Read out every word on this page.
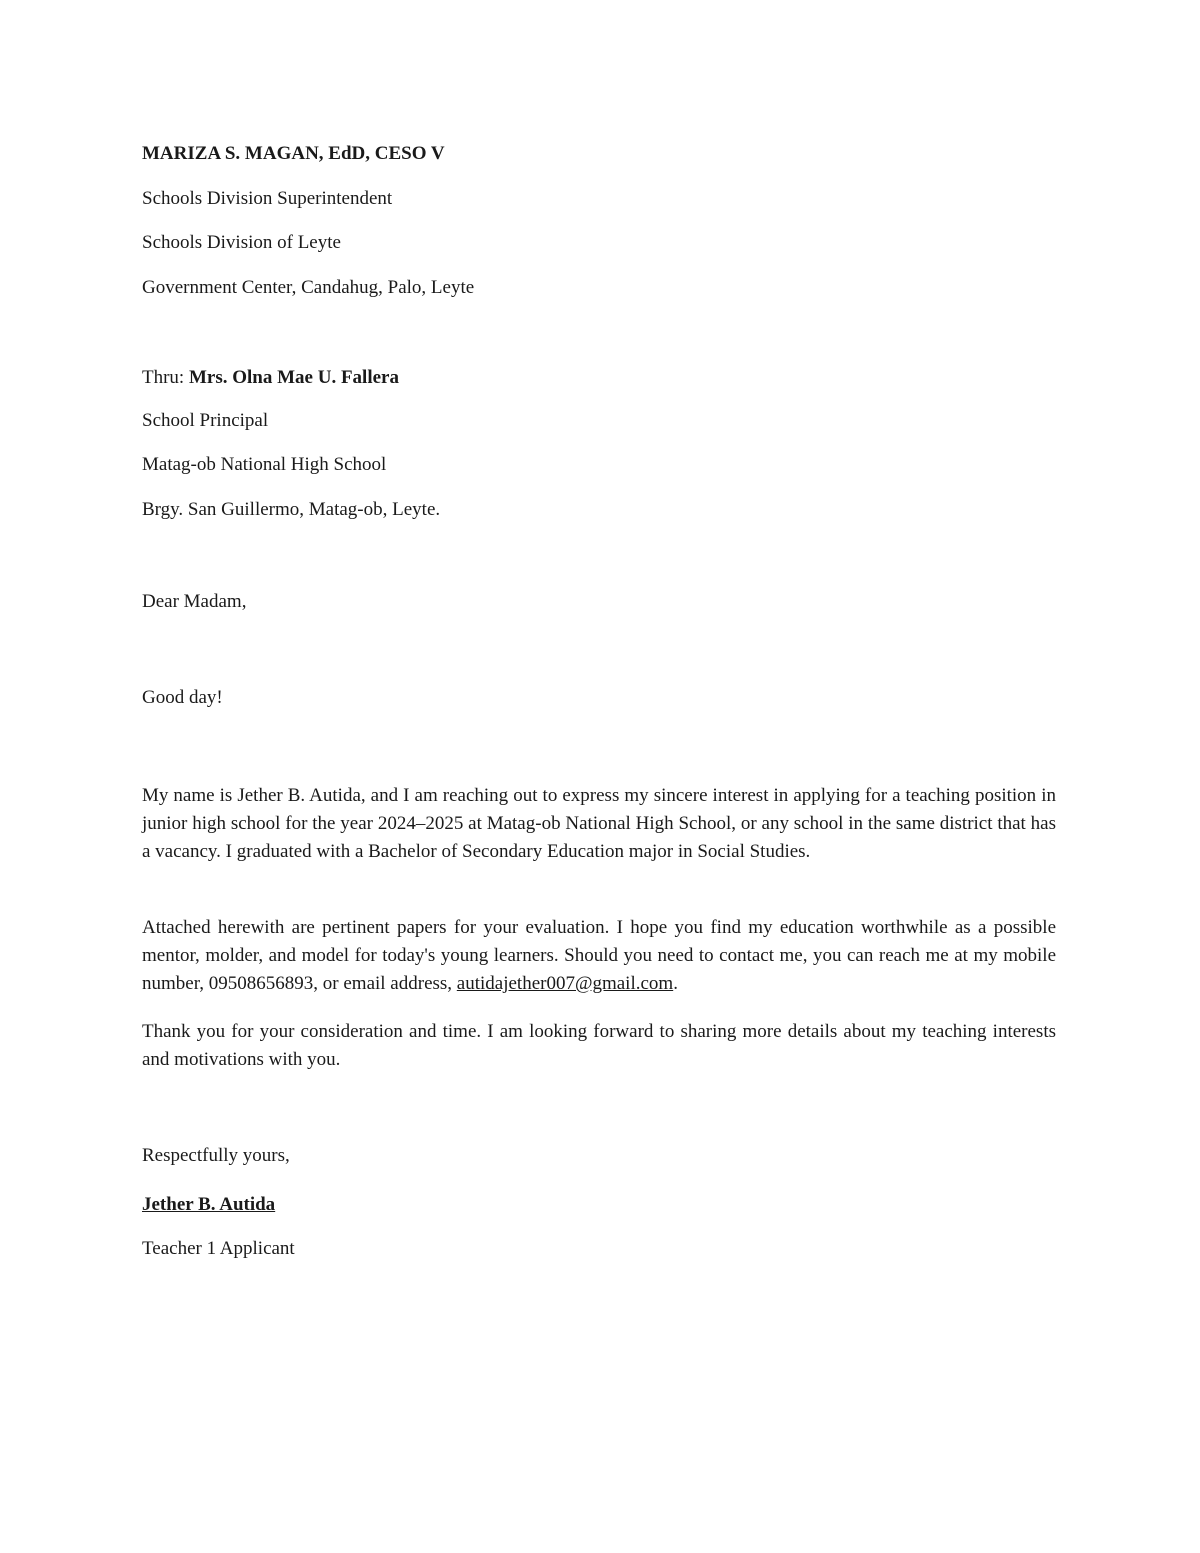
MARIZA S. MAGAN, EdD, CESO V
Schools Division Superintendent
Schools Division of Leyte
Government Center, Candahug, Palo, Leyte
Thru: Mrs. Olna Mae U. Fallera
School Principal
Matag-ob National High School
Brgy. San Guillermo, Matag-ob, Leyte.
Dear Madam,
Good day!
My name is Jether B. Autida, and I am reaching out to express my sincere interest in applying for a teaching position in junior high school for the year 2024–2025 at Matag-ob National High School, or any school in the same district that has a vacancy. I graduated with a Bachelor of Secondary Education major in Social Studies.
Attached herewith are pertinent papers for your evaluation. I hope you find my education worthwhile as a possible mentor, molder, and model for today's young learners. Should you need to contact me, you can reach me at my mobile number, 09508656893, or email address, autidajether007@gmail.com.
Thank you for your consideration and time. I am looking forward to sharing more details about my teaching interests and motivations with you.
Respectfully yours,
Jether B. Autida
Teacher 1 Applicant
